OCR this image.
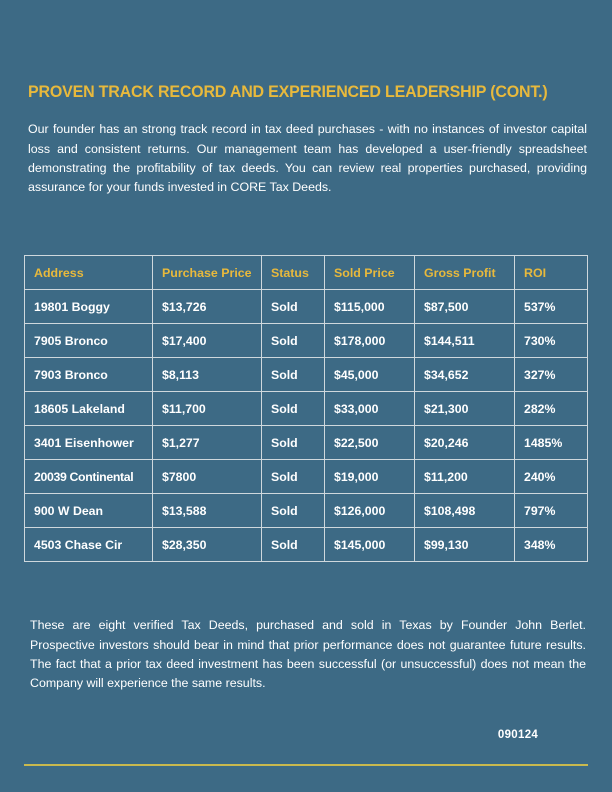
PROVEN TRACK RECORD AND EXPERIENCED LEADERSHIP (CONT.)

Our founder has an strong track record in tax deed purchases - with no instances of investor capital loss and consistent returns. Our management team has developed a user-friendly spreadsheet demonstrating the profitability of tax deeds. You can review real properties purchased, providing assurance for your funds invested in CORE Tax Deeds.

Address	Purchase Price	Status	Sold Price	Gross Profit	ROI
19801 Boggy	$13,726	Sold	$115,000	$87,500	537%
7905 Bronco	$17,400	Sold	$178,000	$144,511	730%
7903 Bronco	$8,113	Sold	$45,000	$34,652	327%
18605 Lakeland	$11,700	Sold	$33,000	$21,300	282%
3401 Eisenhower	$1,277	Sold	$22,500	$20,246	1485%
20039 Continental	$7800	Sold	$19,000	$11,200	240%
900 W Dean	$13,588	Sold	$126,000	$108,498	797%
4503 Chase Cir	$28,350	Sold	$145,000	$99,130	348%

These are eight verified Tax Deeds, purchased and sold in Texas by Founder John Berlet. Prospective investors should bear in mind that prior performance does not guarantee future results. The fact that a prior tax deed investment has been successful (or unsuccessful) does not mean the Company will experience the same results.

090124
